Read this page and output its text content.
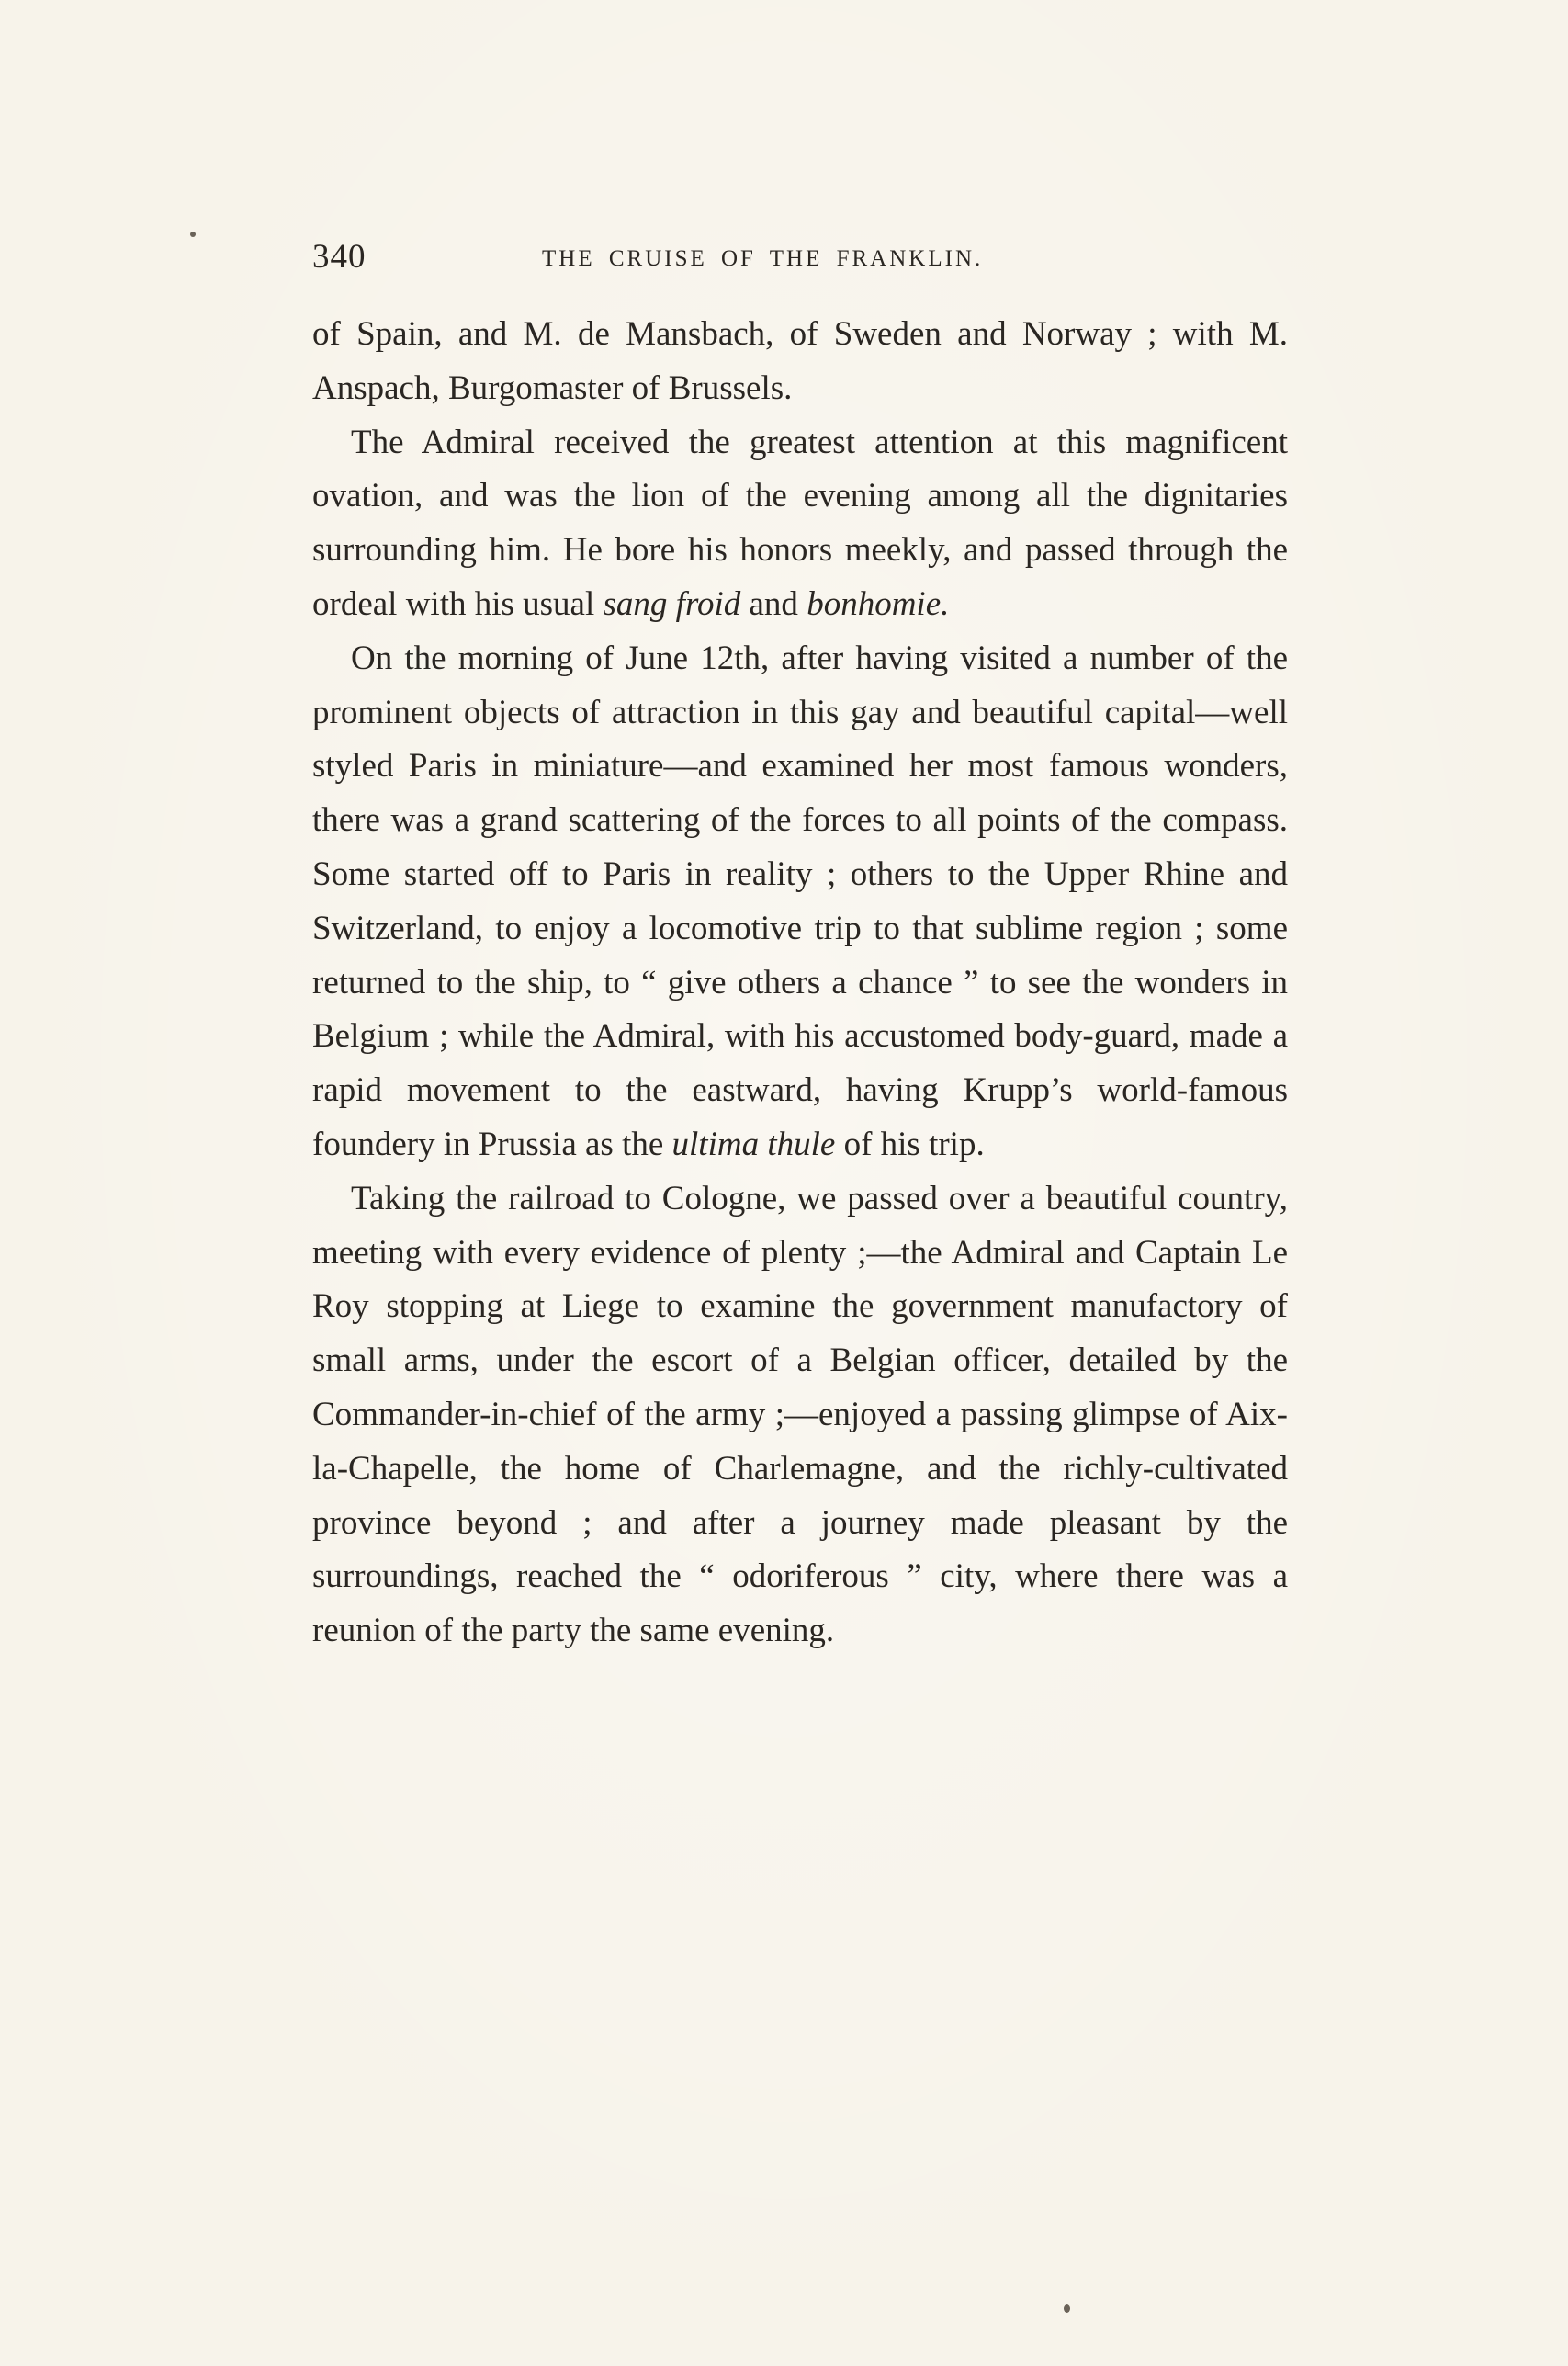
340	THE CRUISE OF THE FRANKLIN.

of Spain, and M. de Mansbach, of Sweden and Norway ; with M. Anspach, Burgomaster of Brussels.

The Admiral received the greatest attention at this magnificent ovation, and was the lion of the evening among all the dignitaries surrounding him. He bore his honors meekly, and passed through the ordeal with his usual sang froid and bonhomie.

On the morning of June 12th, after having visited a number of the prominent objects of attraction in this gay and beautiful capital—well styled Paris in miniature—and examined her most famous wonders, there was a grand scattering of the forces to all points of the compass. Some started off to Paris in reality ; others to the Upper Rhine and Switzerland, to enjoy a locomotive trip to that sublime region ; some returned to the ship, to “ give others a chance ” to see the wonders in Belgium ; while the Admiral, with his accustomed body-guard, made a rapid movement to the eastward, having Krupp’s world-famous foundery in Prussia as the ultima thule of his trip.

Taking the railroad to Cologne, we passed over a beautiful country, meeting with every evidence of plenty ;—the Admiral and Captain Le Roy stopping at Liege to examine the government manufactory of small arms, under the escort of a Belgian officer, detailed by the Commander-in-chief of the army ;—enjoyed a passing glimpse of Aix-la-Chapelle, the home of Charlemagne, and the richly-cultivated province beyond ; and after a journey made pleasant by the surroundings, reached the “ odoriferous ” city, where there was a reunion of the party the same evening.
